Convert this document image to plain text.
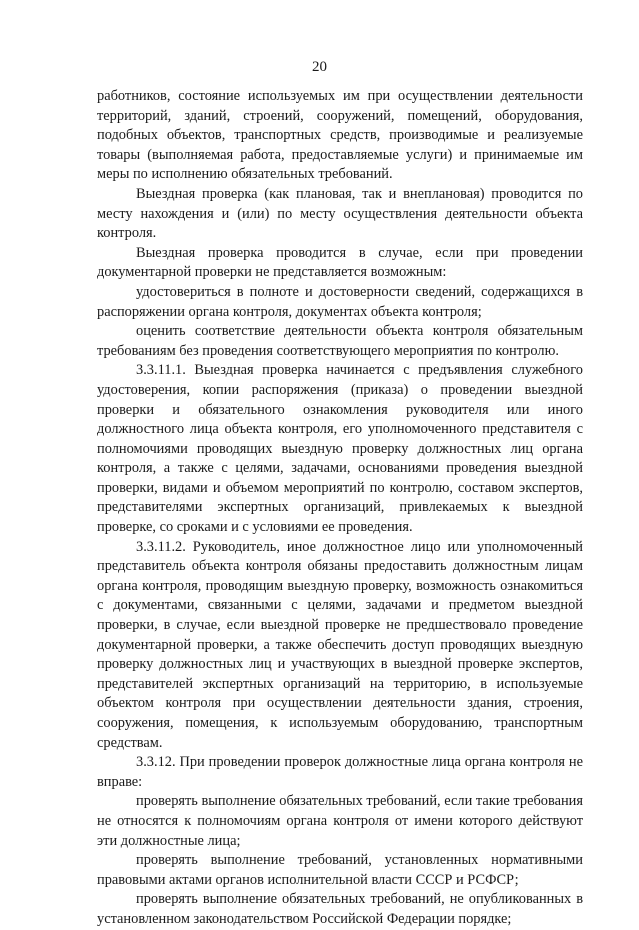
20

работников, состояние используемых им при осуществлении деятельности территорий, зданий, строений, сооружений, помещений, оборудования, подобных объектов, транспортных средств, производимые и реализуемые товары (выполняемая работа, предоставляемые услуги) и принимаемые им меры по исполнению обязательных требований.

Выездная проверка (как плановая, так и внеплановая) проводится по месту нахождения и (или) по месту осуществления деятельности объекта контроля.

Выездная проверка проводится в случае, если при проведении документарной проверки не представляется возможным:

удостовериться в полноте и достоверности сведений, содержащихся в распоряжении органа контроля, документах объекта контроля;

оценить соответствие деятельности объекта контроля обязательным требованиям без проведения соответствующего мероприятия по контролю.

3.3.11.1. Выездная проверка начинается с предъявления служебного удостоверения, копии распоряжения (приказа) о проведении выездной проверки и обязательного ознакомления руководителя или иного должностного лица объекта контроля, его уполномоченного представителя с полномочиями проводящих выездную проверку должностных лиц органа контроля, а также с целями, задачами, основаниями проведения выездной проверки, видами и объемом мероприятий по контролю, составом экспертов, представителями экспертных организаций, привлекаемых к выездной проверке, со сроками и с условиями ее проведения.

3.3.11.2. Руководитель, иное должностное лицо или уполномоченный представитель объекта контроля обязаны предоставить должностным лицам органа контроля, проводящим выездную проверку, возможность ознакомиться с документами, связанными с целями, задачами и предметом выездной проверки, в случае, если выездной проверке не предшествовало проведение документарной проверки, а также обеспечить доступ проводящих выездную проверку должностных лиц и участвующих в выездной проверке экспертов, представителей экспертных организаций на территорию, в используемые объектом контроля при осуществлении деятельности здания, строения, сооружения, помещения, к используемым оборудованию, транспортным средствам.

3.3.12. При проведении проверок должностные лица органа контроля не вправе:

проверять выполнение обязательных требований, если такие требования не относятся к полномочиям органа контроля от имени которого действуют эти должностные лица;

проверять выполнение требований, установленных нормативными правовыми актами органов исполнительной власти СССР и РСФСР;

проверять выполнение обязательных требований, не опубликованных в установленном законодательством Российской Федерации порядке;
